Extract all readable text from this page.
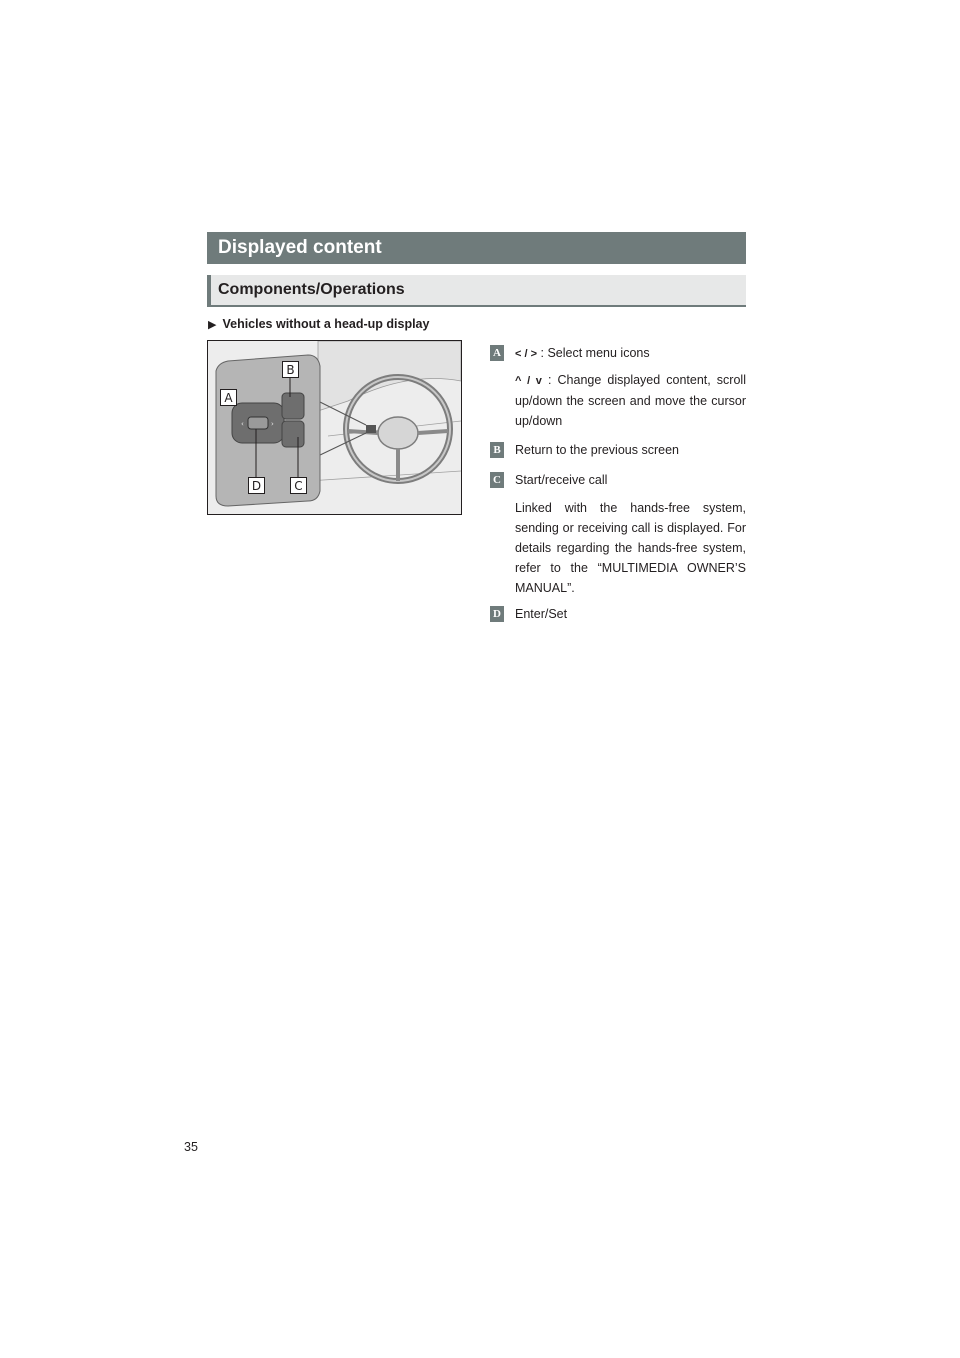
Displayed content
Components/Operations
▶ Vehicles without a head-up display
‹	›
A
B
C
D
A < / > : Select menu icons
^ / v : Change displayed content, scroll up/down the screen and move the cursor up/down
B Return to the previous screen
C Start/receive call
Linked with the hands-free system, sending or receiving call is displayed. For details regarding the hands-free system, refer to the “MULTIMEDIA OWNER’S MANUAL”.
D Enter/Set
35
